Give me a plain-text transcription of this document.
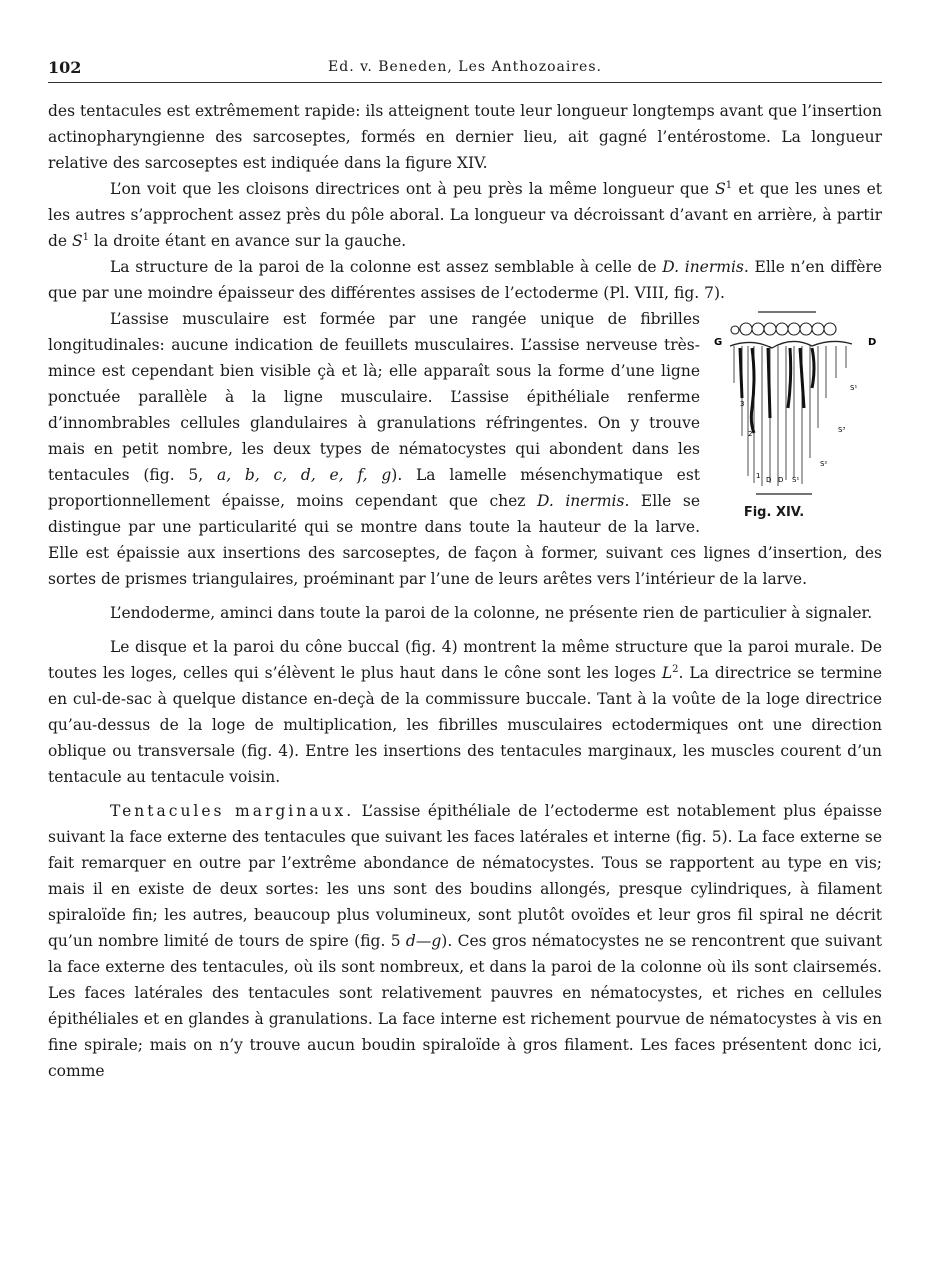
102	Ed. v. Beneden, Les Anthozoaires.

des tentacules est extrêmement rapide: ils atteignent toute leur longueur longtemps avant que l’insertion actinopharyngienne des sarcoseptes, formés en dernier lieu, ait gagné l’entérostome. La longueur relative des sarcoseptes est indiquée dans la figure XIV.

L’on voit que les cloisons directrices ont à peu près la même longueur que $S^1$ et que les unes et les autres s’approchent assez près du pôle aboral. La longueur va décroissant d’avant en arrière, à partir de $S^1$ la droite étant en avance sur la gauche.

La structure de la paroi de la colonne est assez semblable à celle de D. inermis. Elle n’en diffère que par une moindre épaisseur des différentes assises de l’ectoderme (Pl. VIII, fig. 7).

G	D
3
2
1 D D S¹
S¹
S³
S²
Fig. XIV.

L’assise musculaire est formée par une rangée unique de fibrilles longitudinales: aucune indication de feuillets musculaires. L’assise nerveuse très-mince est cependant bien visible çà et là; elle apparaît sous la forme d’une ligne ponctuée parallèle à la ligne musculaire. L’assise épithéliale renferme d’innombrables cellules glandulaires à granulations réfringentes. On y trouve mais en petit nombre, les deux types de nématocystes qui abondent dans les tentacules (fig. 5, a, b, c, d, e, f, g). La lamelle mésenchymatique est proportionnellement épaisse, moins cependant que chez D. inermis. Elle se distingue par une particularité qui se montre dans toute la hauteur de la larve. Elle est épaissie aux insertions des sarcoseptes, de façon à former, suivant ces lignes d’insertion, des sortes de prismes triangulaires, proéminant par l’une de leurs arêtes vers l’intérieur de la larve.

L’endoderme, aminci dans toute la paroi de la colonne, ne présente rien de particulier à signaler.

Le disque et la paroi du cône buccal (fig. 4) montrent la même structure que la paroi murale. De toutes les loges, celles qui s’élèvent le plus haut dans le cône sont les loges $L^2$. La directrice se termine en cul-de-sac à quelque distance en-deçà de la commissure buccale. Tant à la voûte de la loge directrice qu’au-dessus de la loge de multiplication, les fibrilles musculaires ectodermiques ont une direction oblique ou transversale (fig. 4). Entre les insertions des tentacules marginaux, les muscles courent d’un tentacule au tentacule voisin.

Tentacules marginaux. L’assise épithéliale de l’ectoderme est notablement plus épaisse suivant la face externe des tentacules que suivant les faces latérales et interne (fig. 5). La face externe se fait remarquer en outre par l’extrême abondance de nématocystes. Tous se rapportent au type en vis; mais il en existe de deux sortes: les uns sont des boudins allongés, presque cylindriques, à filament spiraloïde fin; les autres, beaucoup plus volumineux, sont plutôt ovoïdes et leur gros fil spiral ne décrit qu’un nombre limité de tours de spire (fig. 5 d—g). Ces gros nématocystes ne se rencontrent que suivant la face externe des tentacules, où ils sont nombreux, et dans la paroi de la colonne où ils sont clairsemés. Les faces latérales des tentacules sont relativement pauvres en nématocystes, et riches en cellules épithéliales et en glandes à granulations. La face interne est richement pourvue de nématocystes à vis en fine spirale; mais on n’y trouve aucun boudin spiraloïde à gros filament. Les faces présentent donc ici, comme
